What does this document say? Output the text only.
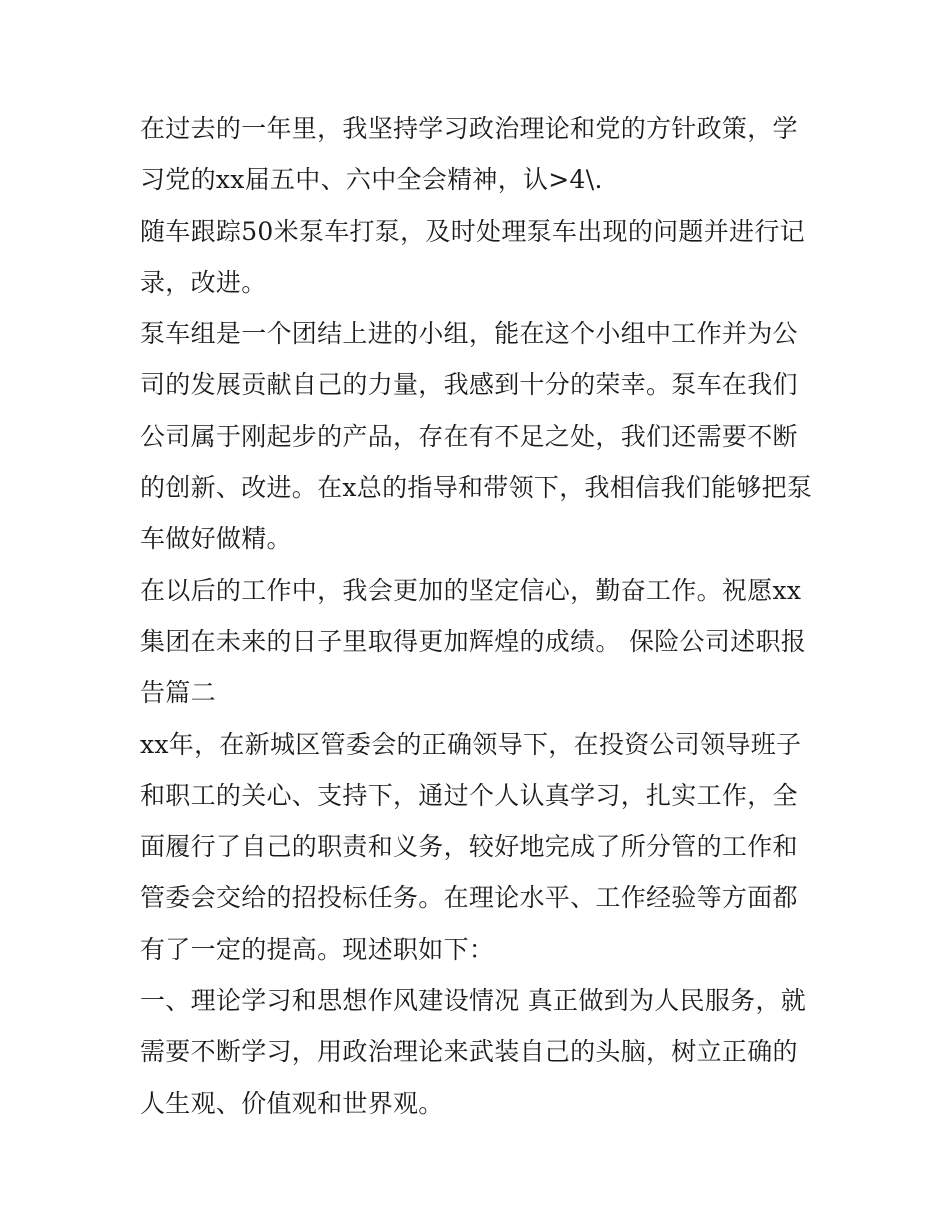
在过去的一年里，我坚持学习政治理论和党的方针政策，学习党的xx届五中、六中全会精神，认>4\.

随车跟踪50米泵车打泵，及时处理泵车出现的问题并进行记录，改进。

泵车组是一个团结上进的小组，能在这个小组中工作并为公司的发展贡献自己的力量，我感到十分的荣幸。泵车在我们公司属于刚起步的产品，存在有不足之处，我们还需要不断的创新、改进。在x总的指导和带领下，我相信我们能够把泵车做好做精。

在以后的工作中，我会更加的坚定信心，勤奋工作。祝愿xx集团在未来的日子里取得更加辉煌的成绩。 保险公司述职报告篇二

xx年，在新城区管委会的正确领导下，在投资公司领导班子和职工的关心、支持下，通过个人认真学习，扎实工作，全面履行了自己的职责和义务，较好地完成了所分管的工作和管委会交给的招投标任务。在理论水平、工作经验等方面都有了一定的提高。现述职如下：

一、理论学习和思想作风建设情况 真正做到为人民服务，就需要不断学习，用政治理论来武装自己的头脑，树立正确的人生观、价值观和世界观。
